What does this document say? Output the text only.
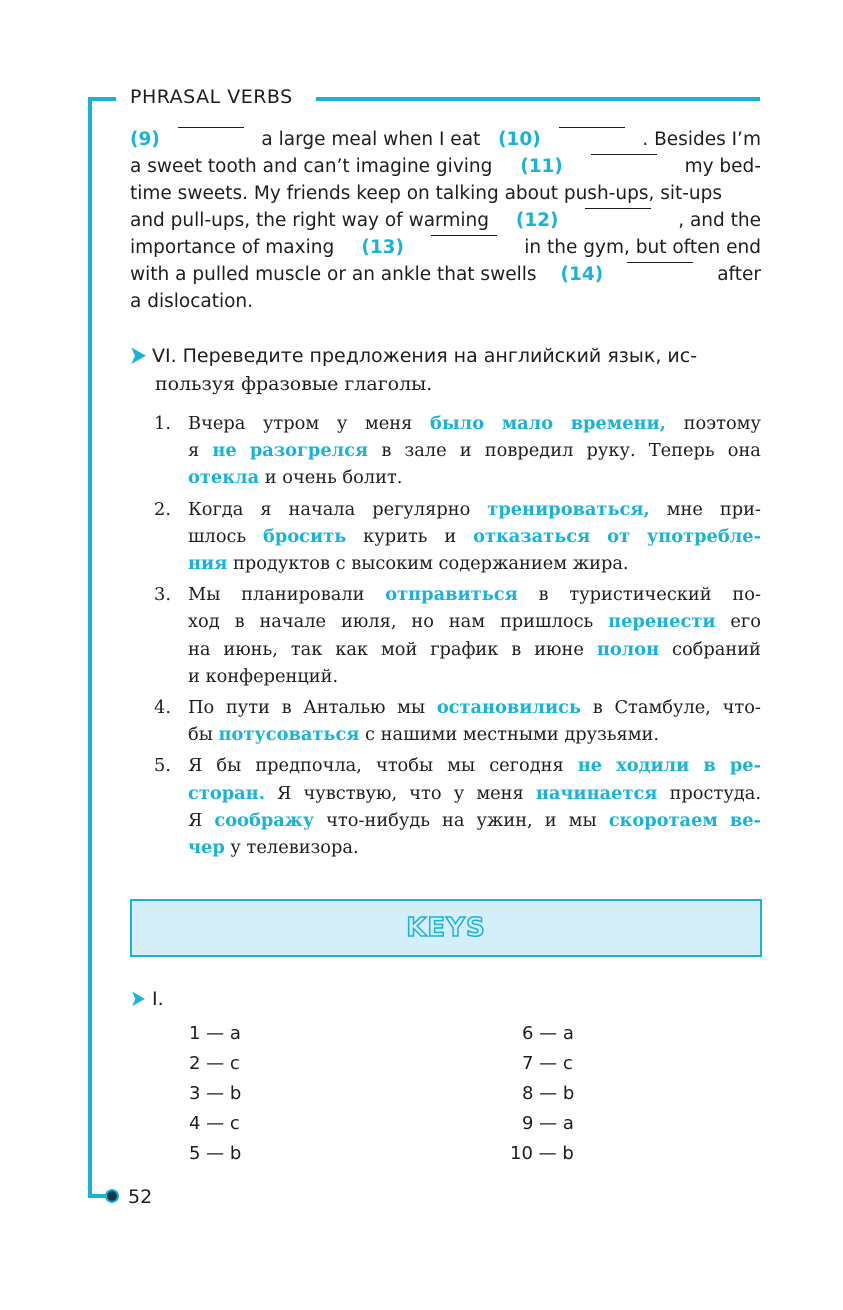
PHRASAL VERBS
(9)	a large meal when I eat (10)	. Besides I’m
a sweet tooth and can’t imagine giving (11)	my bed-
time sweets. My friends keep on talking about push-ups, sit-ups
and pull-ups, the right way of warming (12)	, and the
importance of maxing (13)	in the gym, but often end
with a pulled muscle or an ankle that swells (14)	after
a dislocation.
➤ VI. Переведите предложения на английский язык, ис-
пользуя фразовые глаголы.
1. Вчера утром у меня было мало времени, поэтому
я не разогрелся в зале и повредил руку. Теперь она
отекла и очень болит.
2. Когда я начала регулярно тренироваться, мне при-
шлось бросить курить и отказаться от употребле-
ния продуктов с высоким содержанием жира.
3. Мы планировали отправиться в туристический по-
ход в начале июля, но нам пришлось перенести его
на июнь, так как мой график в июне полон собраний
и конференций.
4. По пути в Анталью мы остановились в Стамбуле, что-
бы потусоваться с нашими местными друзьями.
5. Я бы предпочла, чтобы мы сегодня не ходили в ре-
сторан. Я чувствую, что у меня начинается простуда.
Я соображу что-нибудь на ужин, и мы скоротаем ве-
чер у телевизора.
KEYS
➤ I.
1 — a
2 — c
3 — b
4 — c
5 — b
6 — a
7 — c
8 — b
9 — a
10 — b
52
